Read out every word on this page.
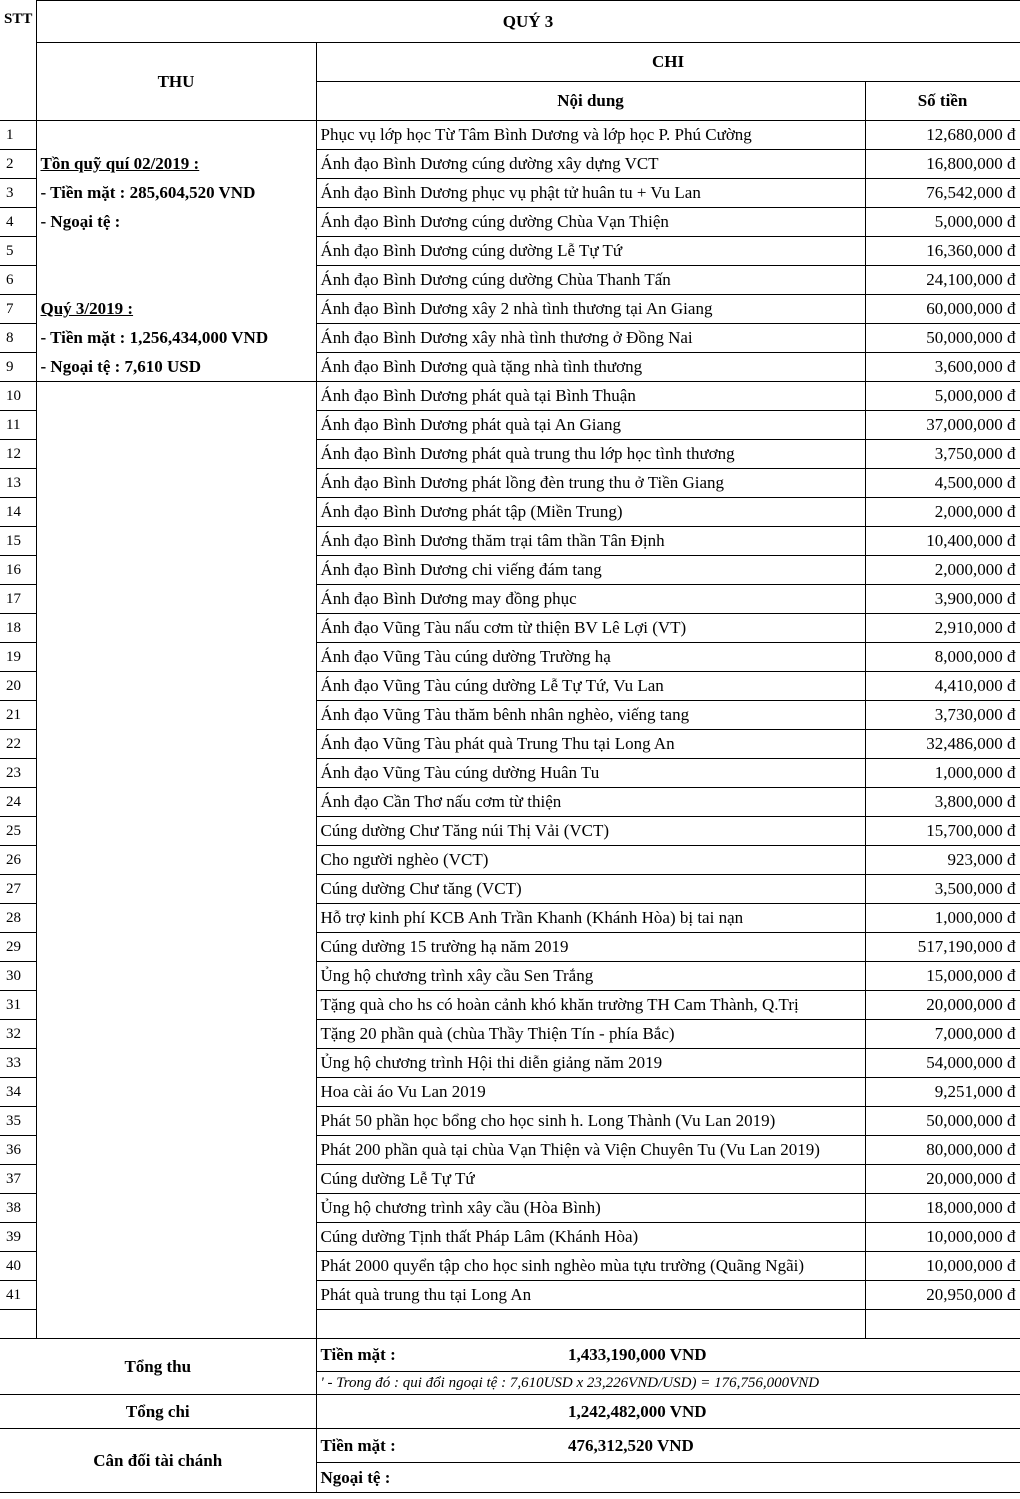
STT	QUÝ 3		
	THU	CHI	
		Nội dung	Số tiền
1		Phục vụ lớp học Từ Tâm Bình Dương và lớp học P. Phú Cường	12,680,000 đ
2	Tồn quỹ quí 02/2019 :	Ánh đạo Bình Dương cúng dường xây dựng VCT	16,800,000 đ
3	- Tiền mặt : 285,604,520 VND	Ánh đạo Bình Dương phục vụ phật tử huân tu + Vu Lan	76,542,000 đ
4	- Ngoại tệ :	Ánh đạo Bình Dương cúng dường Chùa Vạn Thiện	5,000,000 đ
5		Ánh đạo Bình Dương cúng dường Lễ Tự Tứ	16,360,000 đ
6		Ánh đạo Bình Dương cúng dường Chùa Thanh Tấn	24,100,000 đ
7	Quý 3/2019 :	Ánh đạo Bình Dương xây 2 nhà tình thương tại An Giang	60,000,000 đ
8	- Tiền mặt : 1,256,434,000 VND	Ánh đạo Bình Dương xây nhà tình thương ở Đồng Nai	50,000,000 đ
9	- Ngoại tệ : 7,610 USD	Ánh đạo Bình Dương quà tặng nhà tình thương	3,600,000 đ
10		Ánh đạo Bình Dương phát quà tại Bình Thuận	5,000,000 đ
11		Ánh đạo Bình Dương phát quà tại An Giang	37,000,000 đ
12		Ánh đạo Bình Dương phát quà trung thu lớp học tình thương	3,750,000 đ
13		Ánh đạo Bình Dương phát lồng đèn trung thu ở Tiền Giang	4,500,000 đ
14		Ánh đạo Bình Dương phát tập (Miền Trung)	2,000,000 đ
15		Ánh đạo Bình Dương thăm trại tâm thần Tân Định	10,400,000 đ
16		Ánh đạo Bình Dương chi viếng đám tang	2,000,000 đ
17		Ánh đạo Bình Dương may đồng phục	3,900,000 đ
18		Ánh đạo Vũng Tàu nấu cơm từ thiện BV Lê Lợi (VT)	2,910,000 đ
19		Ánh đạo Vũng Tàu cúng dường Trường hạ	8,000,000 đ
20		Ánh đạo Vũng Tàu cúng dường Lễ Tự Tứ, Vu Lan	4,410,000 đ
21		Ánh đạo Vũng Tàu thăm bênh nhân nghèo, viếng tang	3,730,000 đ
22		Ánh đạo Vũng Tàu phát quà Trung Thu tại Long An	32,486,000 đ
23		Ánh đạo Vũng Tàu cúng dường Huân Tu	1,000,000 đ
24		Ánh đạo Cần Thơ nấu cơm từ thiện	3,800,000 đ
25		Cúng dường Chư Tăng núi Thị Vải (VCT)	15,700,000 đ
26		Cho người nghèo (VCT)	923,000 đ
27		Cúng dường Chư tăng (VCT)	3,500,000 đ
28		Hỗ trợ kinh phí KCB Anh Trần Khanh (Khánh Hòa) bị tai nạn	1,000,000 đ
29		Cúng dường 15 trường hạ năm 2019	517,190,000 đ
30		Ủng hộ chương trình xây cầu Sen Trắng	15,000,000 đ
31		Tặng quà cho hs có hoàn cảnh khó khăn trường TH Cam Thành, Q.Trị	20,000,000 đ
32		Tặng 20 phần quà (chùa Thầy Thiện Tín - phía Bắc)	7,000,000 đ
33		Ủng hộ chương trình Hội thi diễn giảng năm 2019	54,000,000 đ
34		Hoa cài áo Vu Lan 2019	9,251,000 đ
35		Phát 50 phần học bổng cho học sinh h. Long Thành (Vu Lan 2019)	50,000,000 đ
36		Phát 200 phần quà tại chùa Vạn Thiện và Viện Chuyên Tu (Vu Lan 2019)	80,000,000 đ
37		Cúng dường Lễ Tự Tứ	20,000,000 đ
38		Ủng hộ chương trình xây cầu (Hòa Bình)	18,000,000 đ
39		Cúng dường Tịnh thất Pháp Lâm (Khánh Hòa)	10,000,000 đ
40		Phát 2000 quyển tập cho học sinh nghèo mùa tựu trường (Quãng Ngãi)	10,000,000 đ
41		Phát quà trung thu tại Long An	20,950,000 đ

Tổng thu	Tiền mặt :	1,433,190,000 VND
	' - Trong đó : qui đổi ngoại tệ : 7,610USD x 23,226VND/USD) = 176,756,000VND	
Tổng chi		1,242,482,000 VND
Cân đối tài chánh	Tiền mặt :	476,312,520 VND
	Ngoại tệ :	
